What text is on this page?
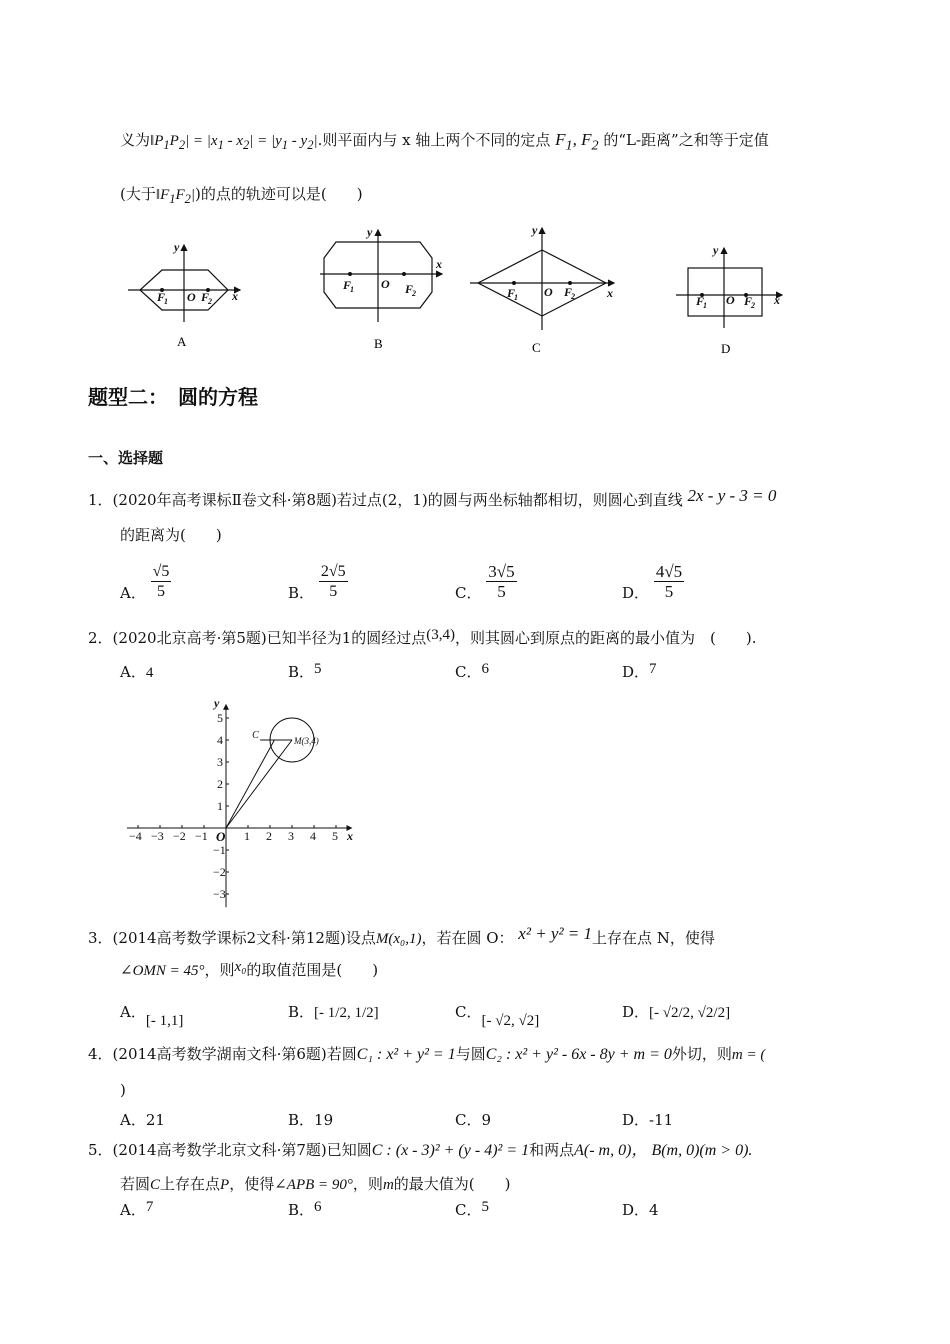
义为$‖P_1P_2| = |x_1 - x_2| = |y_1 - y_2|$.则平面内与 x 轴上两个不同的定点 $F_1$, $F_2$ 的“L-距离”之和等于定值
(大于$‖F_1F_2|$)的点的轨迹可以是(　　)
y
x
O
F
1	F
2
A
y
x
O
F
1	F
2
B
y
x
O
F
1	F
2
C
y
x
O
F
1	F
2
D
题型二：　圆的方程
一、选择题
1．(2020年高考课标Ⅱ卷文科·第8题)若过点(2，1)的圆与两坐标轴都相切，则圆心到直线 2x - y - 3 = 0
的距离为(　　)
A． $\frac{√5}{5}$	B． $\frac{2√5}{5}$	C． $\frac{3√5}{5}$	D． $\frac{4√5}{5}$
2．(2020北京高考·第5题)已知半径为1的圆经过点(3,4)，则其圆心到原点的距离的最小值为　(　　).
A．4	B．5	C．6	D．7
−4 −3 −2 −1	1 2 3 4 5
5
4
3
2
1
−1
−2
−3
O	x
y
C	M(3,4)
3．(2014高考数学课标2文科·第12题)设点M(x₀,1)，若在圆 O： x² + y² = 1上存在点 N，使得
∠OMN = 45°，则x₀的取值范围是(　　)
A．[- 1,1]	B．[- 1/2, 1/2]	C．[- √2, √2]	D．[- √2/2, √2/2]
4．(2014高考数学湖南文科·第6题)若圆C₁ : x² + y² = 1与圆C₂ : x² + y² - 6x - 8y + m = 0外切，则m = (
)
A．21	B．19	C．9	D．-11
5．(2014高考数学北京文科·第7题)已知圆C : (x - 3)² + (y - 4)² = 1和两点A(- m, 0)， B(m, 0)(m > 0).
若圆C上存在点P，使得∠APB = 90°，则m的最大值为(　　)
A．7	B．6	C．5	D．4
